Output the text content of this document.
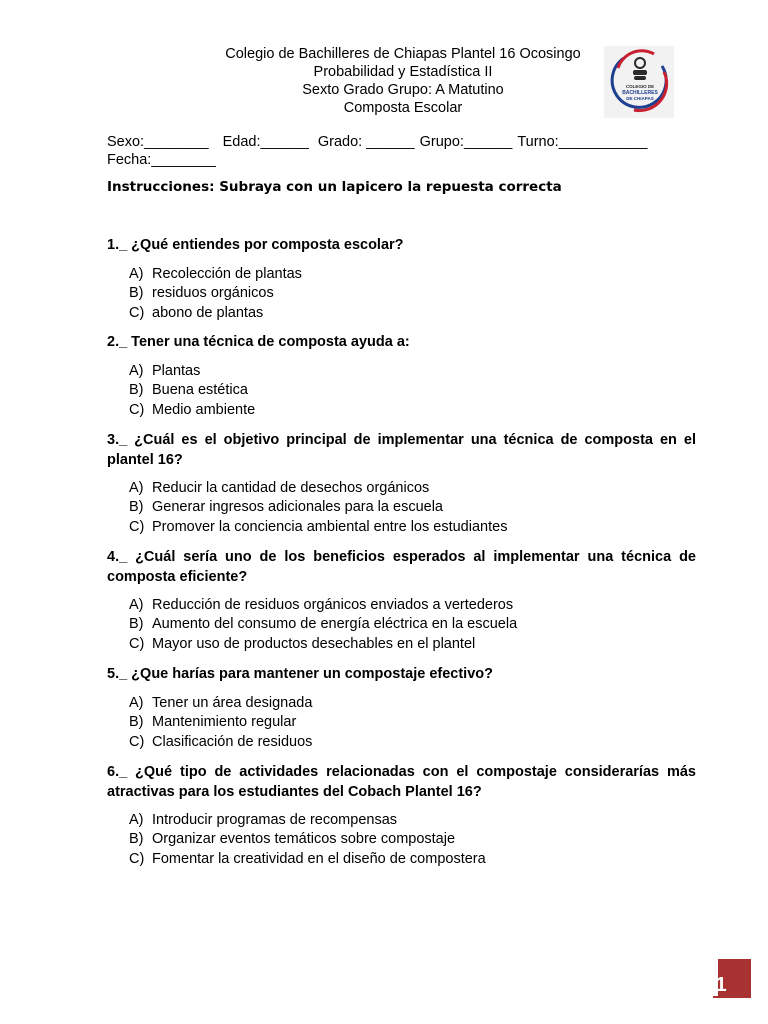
Colegio de Bachilleres de Chiapas Plantel 16 Ocosingo
Probabilidad y Estadística II
Sexto Grado Grupo: A Matutino
Composta Escolar
COLEGIO DE
BACHILLERES
DE CHIAPAS
Sexo:________ Edad:______ Grado: ______ Grupo:______ Turno:___________
Fecha:________
Instrucciones: Subraya con un lapicero la repuesta correcta
1._ ¿Qué entiendes por composta escolar?
A) Recolección de plantas
B) residuos orgánicos
C) abono de plantas
2._ Tener una técnica de composta ayuda a:
A) Plantas
B) Buena estética
C) Medio ambiente
3._ ¿Cuál es el objetivo principal de implementar una técnica de composta en el plantel 16?
A) Reducir la cantidad de desechos orgánicos
B) Generar ingresos adicionales para la escuela
C) Promover la conciencia ambiental entre los estudiantes
4._ ¿Cuál sería uno de los beneficios esperados al implementar una técnica de composta eficiente?
A) Reducción de residuos orgánicos enviados a vertederos
B) Aumento del consumo de energía eléctrica en la escuela
C) Mayor uso de productos desechables en el plantel
5._ ¿Que harías para mantener un compostaje efectivo?
A) Tener un área designada
B) Mantenimiento regular
C) Clasificación de residuos
6._ ¿Qué tipo de actividades relacionadas con el compostaje considerarías más atractivas para los estudiantes del Cobach Plantel 16?
A) Introducir programas de recompensas
B) Organizar eventos temáticos sobre compostaje
C) Fomentar la creatividad en el diseño de compostera
1
